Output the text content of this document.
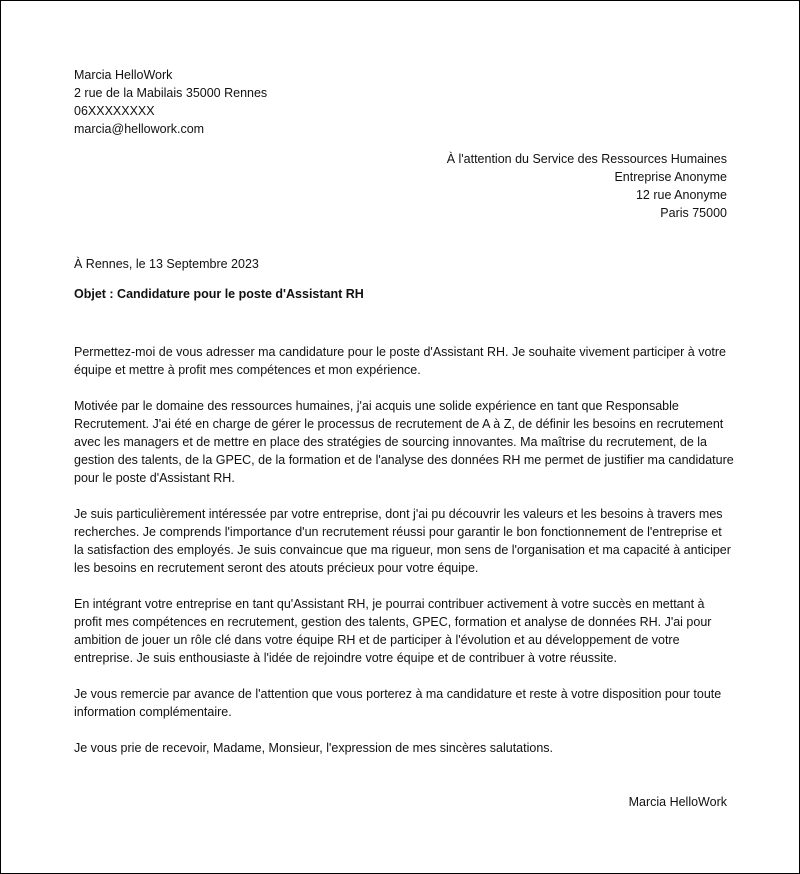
Marcia HelloWork
2 rue de la Mabilais 35000 Rennes
06XXXXXXXX
marcia@hellowork.com
À l'attention du Service des Ressources Humaines
Entreprise Anonyme
12 rue Anonyme
Paris 75000
À Rennes, le 13 Septembre 2023
Objet : Candidature pour le poste d'Assistant RH

Permettez-moi de vous adresser ma candidature pour le poste d'Assistant RH. Je souhaite vivement participer à votre équipe et mettre à profit mes compétences et mon expérience.

Motivée par le domaine des ressources humaines, j'ai acquis une solide expérience en tant que Responsable Recrutement. J'ai été en charge de gérer le processus de recrutement de A à Z, de définir les besoins en recrutement avec les managers et de mettre en place des stratégies de sourcing innovantes. Ma maîtrise du recrutement, de la gestion des talents, de la GPEC, de la formation et de l'analyse des données RH me permet de justifier ma candidature pour le poste d'Assistant RH.

Je suis particulièrement intéressée par votre entreprise, dont j'ai pu découvrir les valeurs et les besoins à travers mes recherches. Je comprends l'importance d'un recrutement réussi pour garantir le bon fonctionnement de l'entreprise et la satisfaction des employés. Je suis convaincue que ma rigueur, mon sens de l'organisation et ma capacité à anticiper les besoins en recrutement seront des atouts précieux pour votre équipe.

En intégrant votre entreprise en tant qu'Assistant RH, je pourrai contribuer activement à votre succès en mettant à profit mes compétences en recrutement, gestion des talents, GPEC, formation et analyse de données RH. J'ai pour ambition de jouer un rôle clé dans votre équipe RH et de participer à l'évolution et au développement de votre entreprise. Je suis enthousiaste à l'idée de rejoindre votre équipe et de contribuer à votre réussite.

Je vous remercie par avance de l'attention que vous porterez à ma candidature et reste à votre disposition pour toute information complémentaire.

Je vous prie de recevoir, Madame, Monsieur, l'expression de mes sincères salutations.

Marcia HelloWork
